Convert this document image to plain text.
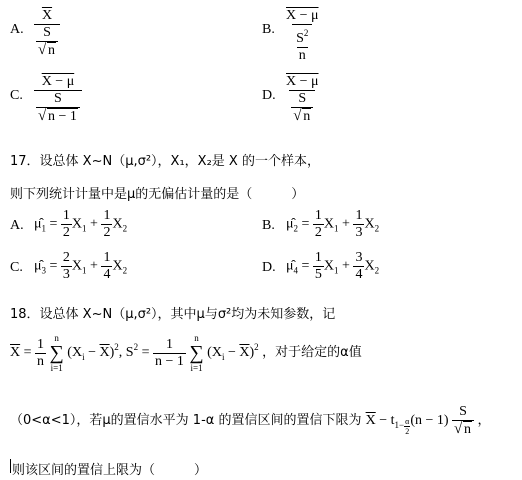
A. $\frac{\overline{X}}{\frac{S}{√ n}}$	B. $\frac{X - \mu}{\frac{S^2}{n}}$
C. $\frac{X - \mu}{\frac{S}{√ n - 1}}$	D. $\frac{X - \mu}{\frac{S}{√ n}}$
17．设总体 X~N（μ,σ²），X₁，X₂是 X 的一个样本，
则下列统计计量中是μ的无偏估计量的是（　　　）
A. $\mû_1 = \frac{1}{2} X_1 + \frac{1}{2} X_2$	B. $\mû_2 = \frac{1}{2} X_1 + \frac{1}{3} X_2$
C. $\mû_3 = \frac{2}{3} X_1 + \frac{1}{4} X_2$	D. $\mû_4 = \frac{1}{5} X_1 + \frac{3}{4} X_2$
18．设总体 X~N（μ,σ²），其中μ与σ²均为未知参数，记
$\overline{X} = \frac{1}{n}$
n
∑
i=1
$(X_i - \overline{X})^2$, $S^2 = \frac{1}{n - 1}$
n
∑
i=1
$(X_i - \overline{X})^2$ ，对于给定的α值
（0<α<1），若μ的置信水平为 1-α 的置信区间的置信下限为 $\overline{X} - t_{1- \frac{\alpha}{2}}$ $(n - 1) \frac{S}{√ n}$ ，
则该区间的置信上限为（　　　）
